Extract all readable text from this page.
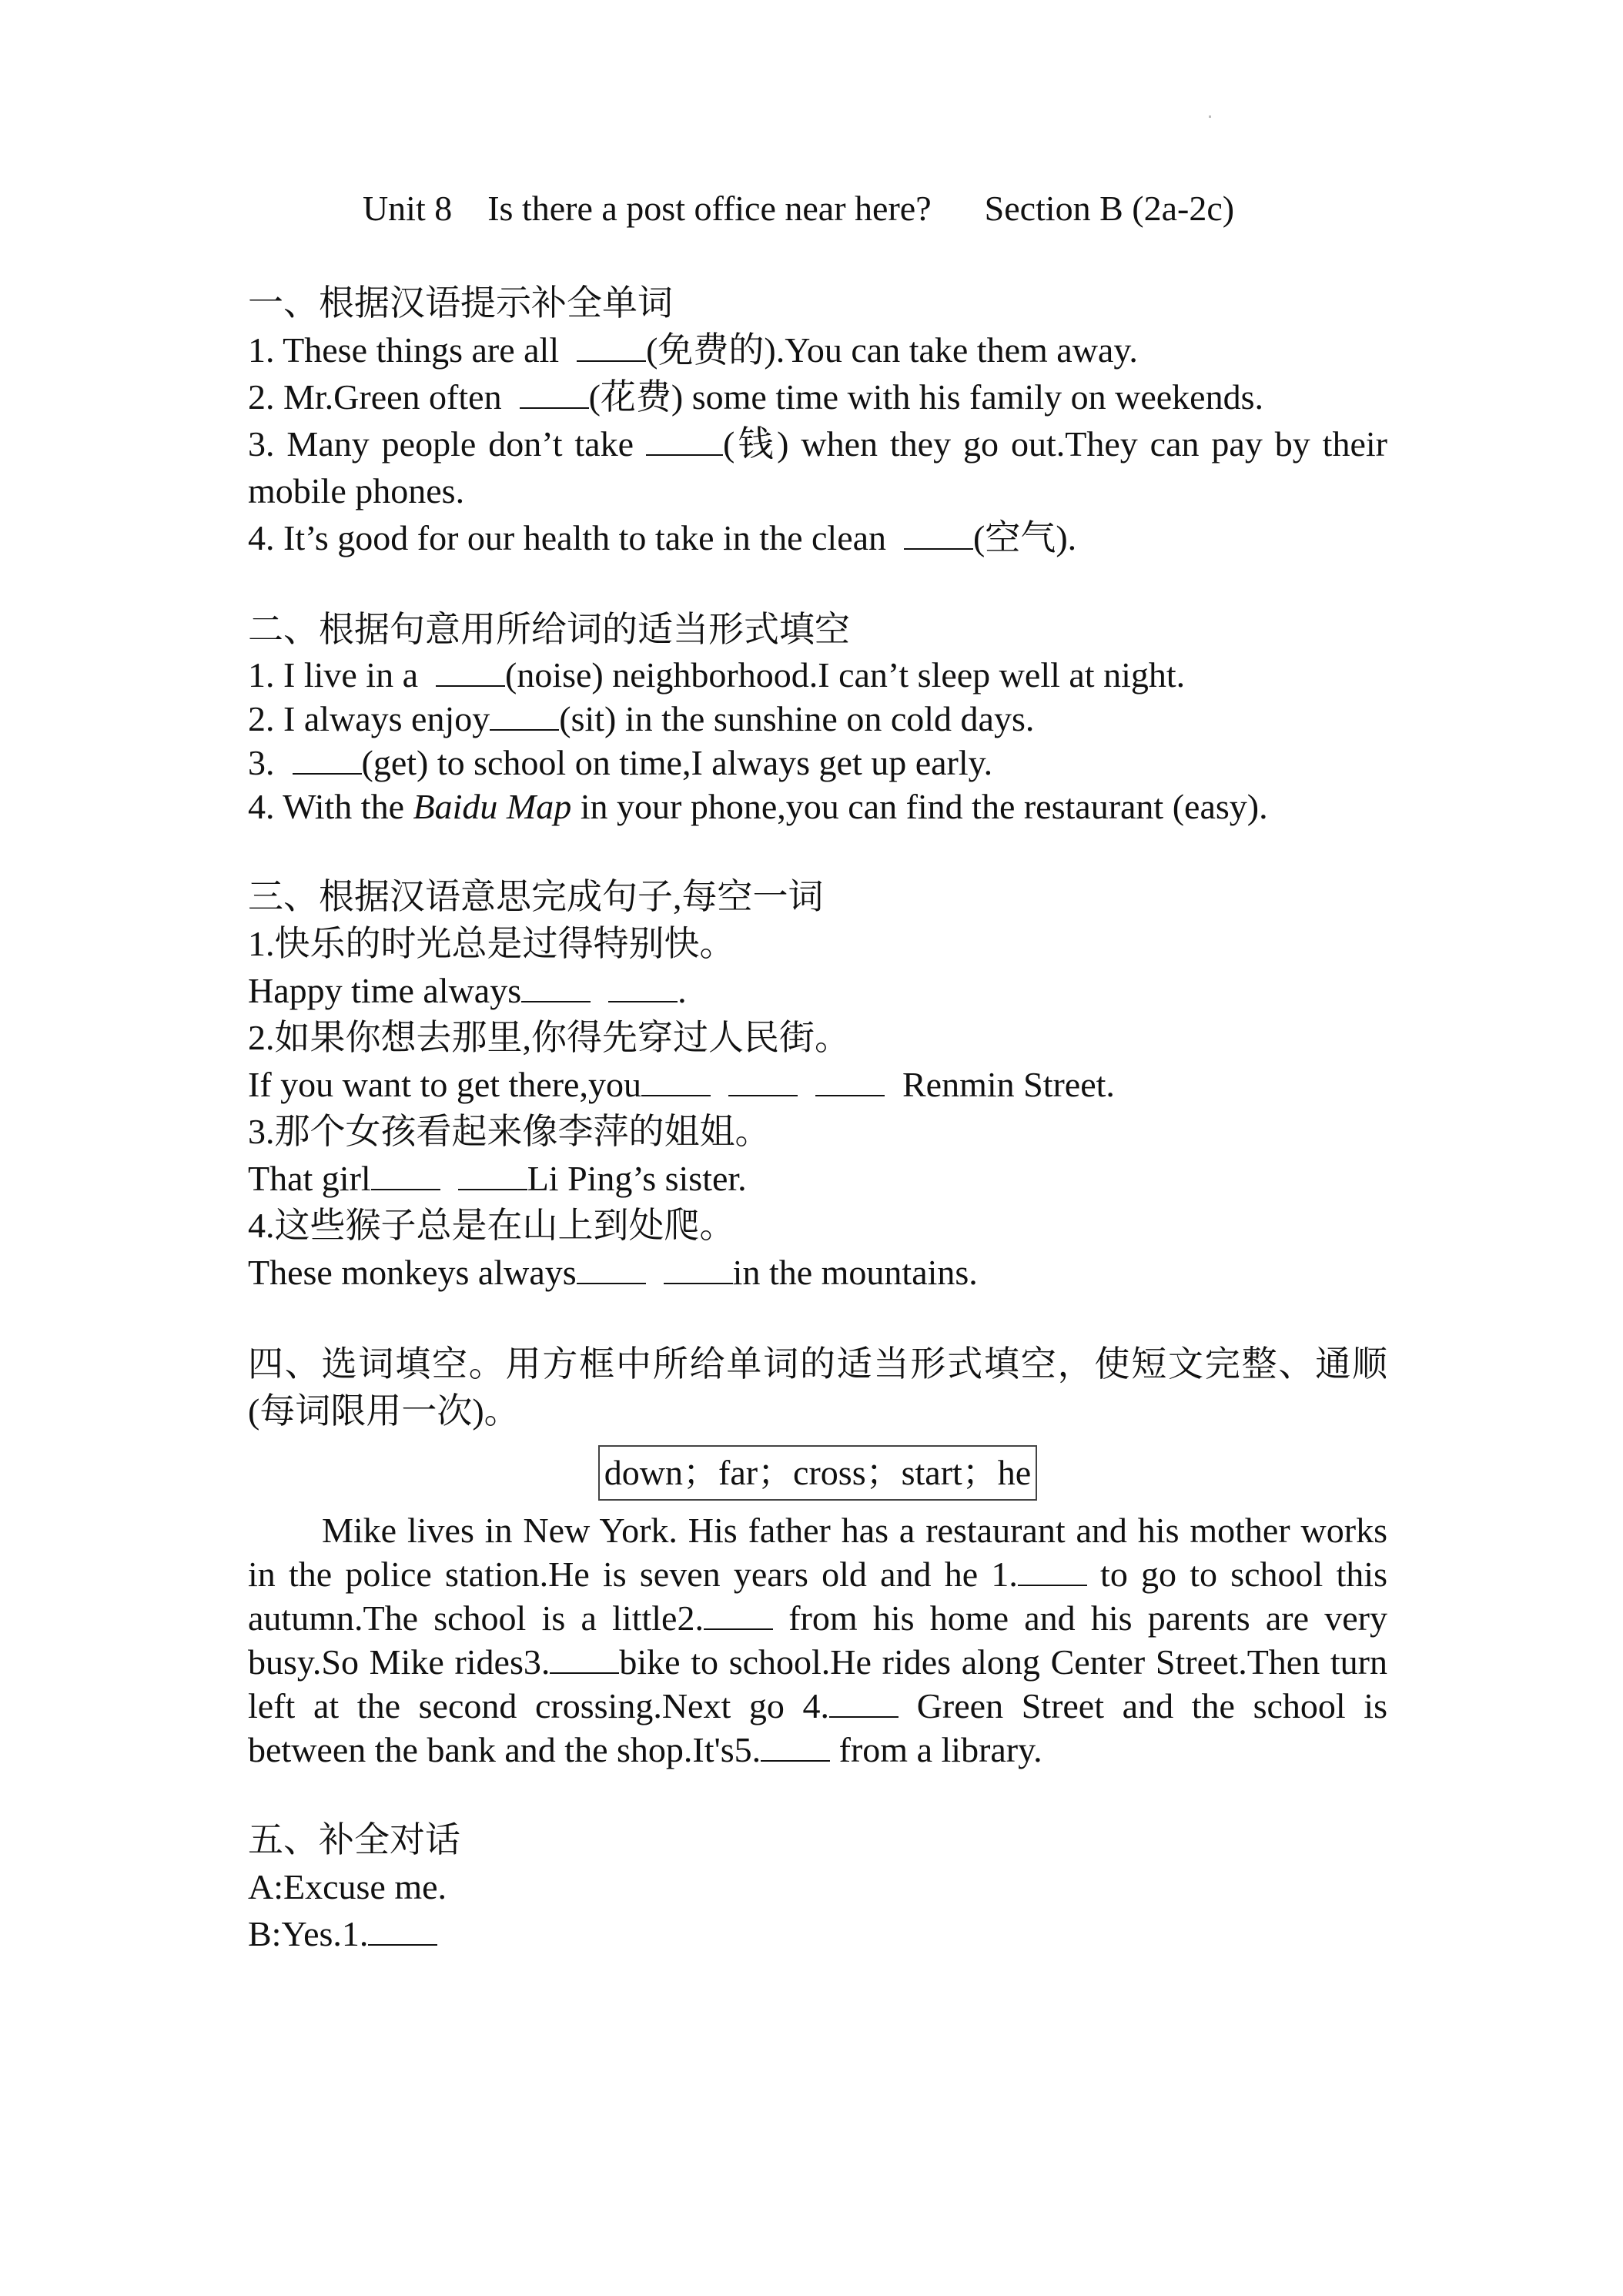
Unit 8    Is there a post office near here?      Section B (2a-2c)

一、根据汉语提示补全单词

1. These things are all  (免费的).You can take them away.

2. Mr.Green often  (花费) some time with his family on weekends.

3. Many people don’t take (钱) when they go out.They can pay by their mobile phones.

4. It’s good for our health to take in the clean  (空气).

二、根据句意用所给词的适当形式填空

1. I live in a  (noise) neighborhood.I can’t sleep well at night.

2. I always enjoy (sit) in the sunshine on cold days.

3.  (get) to school on time,I always get up early.

4. With the Baidu Map in your phone,you can find the restaurant (easy).

三、根据汉语意思完成句子,每空一词

1.快乐的时光总是过得特别快。

Happy time always	.

2.如果你想去那里,你得先穿过人民街。

If you want to get there,you	Renmin Street.

3.那个女孩看起来像李萍的姐姐。

That girl	Li Ping’s sister.

4.这些猴子总是在山上到处爬。

These monkeys always	in the mountains.

四、选词填空。用方框中所给单词的适当形式填空，使短文完整、通顺(每词限用一次)。

down；far；cross；start；he

Mike lives in New York. His father has a restaurant and his mother works in the police station.He is seven years old and he 1. to go to school this autumn.The school is a little2. from his home and his parents are very busy.So Mike rides3. bike to school.He rides along Center Street.Then turn left at the second crossing.Next go 4. Green Street and the school is between the bank and the shop.It's5. from a library.

五、补全对话

A:Excuse me.

B:Yes.1.
